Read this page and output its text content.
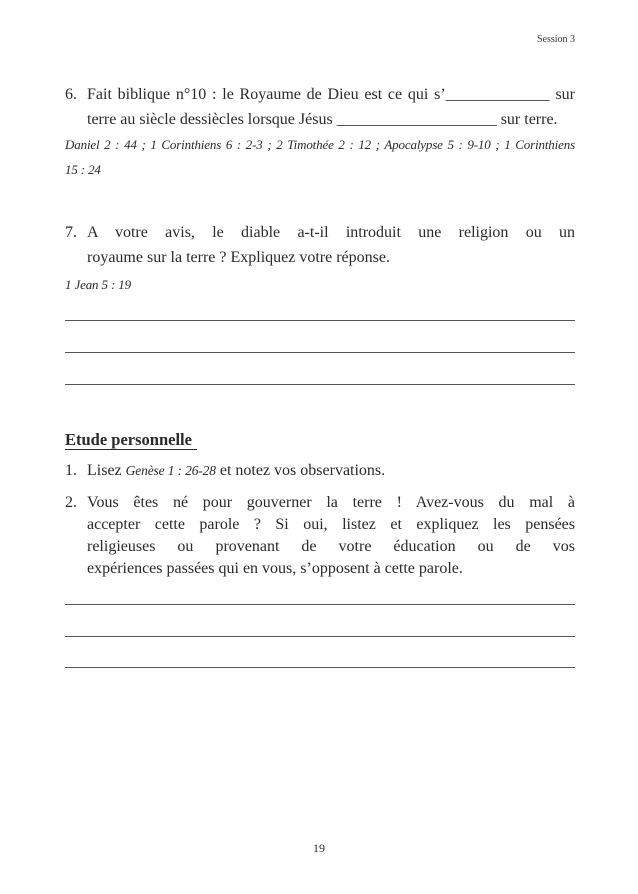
Session 3
6. Fait biblique n°10 : le Royaume de Dieu est ce qui s’_____________ sur
terre au siècle dessiècles lorsque Jésus ____________________ sur terre.
Daniel 2 : 44 ; 1 Corinthiens 6 : 2-3 ; 2 Timothée 2 : 12 ; Apocalypse 5 : 9-10 ; 1 Corinthiens
15 : 24
7. A votre avis, le diable a-t-il introduit une religion ou un
royaume sur la terre ? Expliquez votre réponse.
1 Jean 5 : 19
Etude personnelle
1. Lisez Genèse 1 : 26-28 et notez vos observations.
2. Vous êtes né pour gouverner la terre ! Avez-vous du mal à
accepter cette parole ? Si oui, listez et expliquez les pensées
religieuses ou provenant de votre éducation ou de vos
expériences passées qui en vous, s’opposent à cette parole.
19
